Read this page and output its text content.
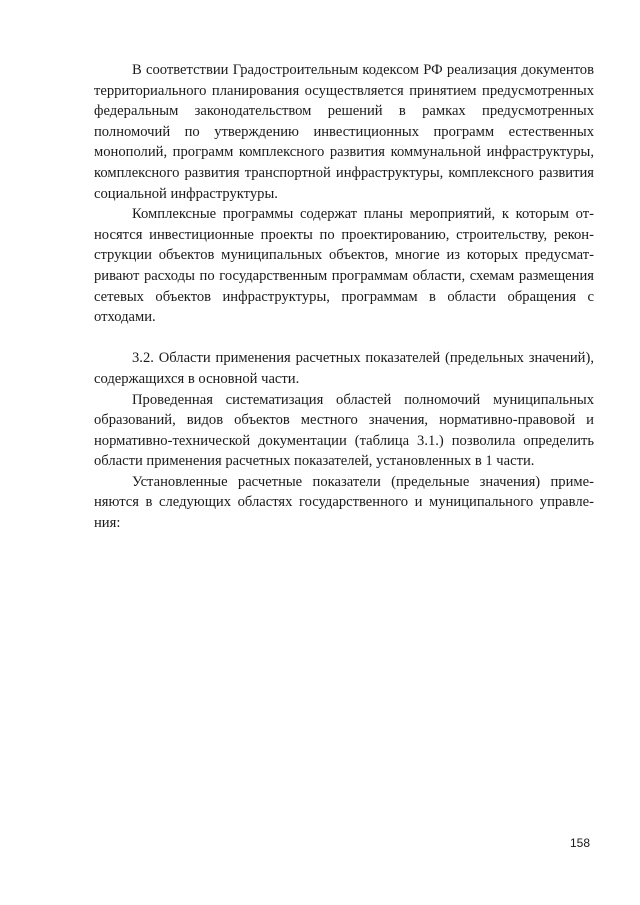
В соответствии Градостроительным кодексом РФ реализация документов территориального планирования осуществляется принятием предусмотренных федеральным законодательством решений в рамках предусмотренных полномочий по утверждению инвестиционных программ естественных монополий, программ комплексного развития коммунальной инфраструктуры, комплексного развития транспортной инфраструктуры, комплексного развития социальной инфраструктуры.

Комплексные программы содержат планы мероприятий, к которым относятся инвестиционные проекты по проектированию, строительству, реконструкции объектов муниципальных объектов, многие из которых предусматривают расходы по государственным программам области, схемам размещения сетевых объектов инфраструктуры, программам в области обращения с отходами.

3.2. Области применения расчетных показателей (предельных значений), содержащихся в основной части.

Проведенная систематизация областей полномочий муниципальных образований, видов объектов местного значения, нормативно-правовой и нормативно-технической документации (таблица 3.1.) позволила определить области применения расчетных показателей, установленных в 1 части.

Установленные расчетные показатели (предельные значения) применяются в следующих областях государственного и муниципального управления:

158
